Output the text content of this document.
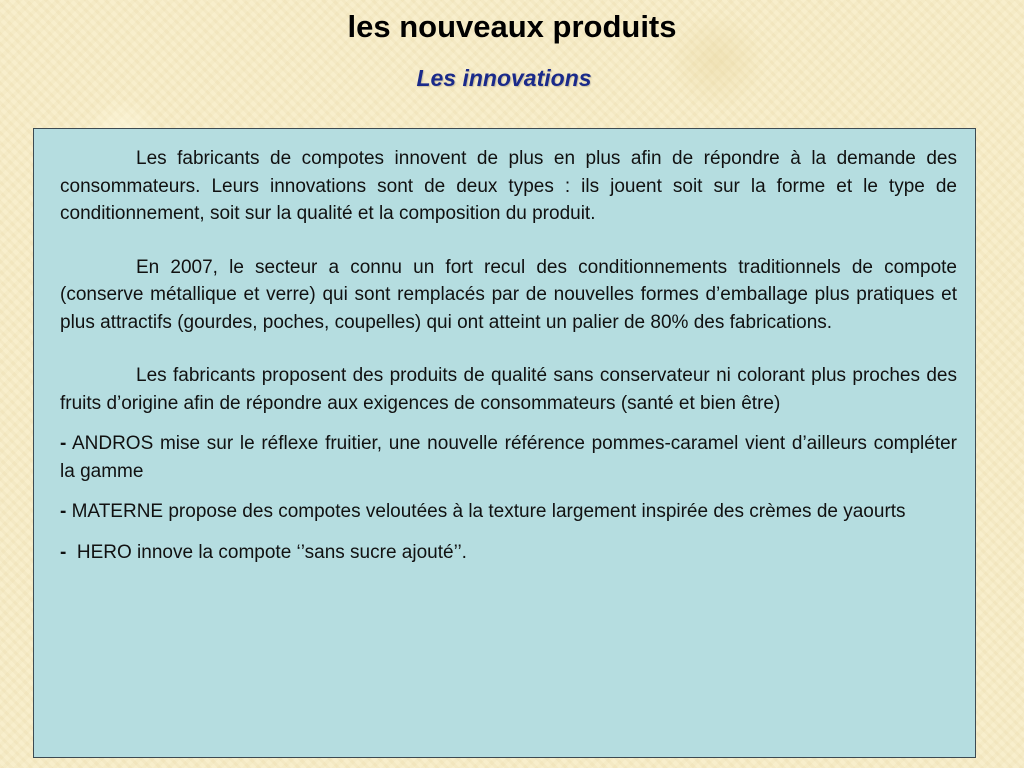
les nouveaux produits
Les innovations

Les fabricants de compotes innovent de plus en plus afin de répondre à la demande des consommateurs. Leurs innovations sont de deux types : ils jouent soit sur la forme et le type de conditionnement, soit sur la qualité et la composition du produit.

En 2007, le secteur a connu un fort recul des conditionnements traditionnels de compote (conserve métallique et verre) qui sont remplacés par de nouvelles formes d’emballage plus pratiques et plus attractifs (gourdes, poches, coupelles) qui ont atteint un palier de 80% des fabrications.

Les fabricants proposent des produits de qualité sans conservateur ni colorant plus proches des fruits d’origine afin de répondre aux exigences de consommateurs (santé et bien être)

- ANDROS mise sur le réflexe fruitier, une nouvelle référence pommes-caramel vient d’ailleurs compléter la gamme

- MATERNE propose des compotes veloutées à la texture largement inspirée des crèmes de yaourts

-  HERO innove la compote ‘’sans sucre ajouté’’.
